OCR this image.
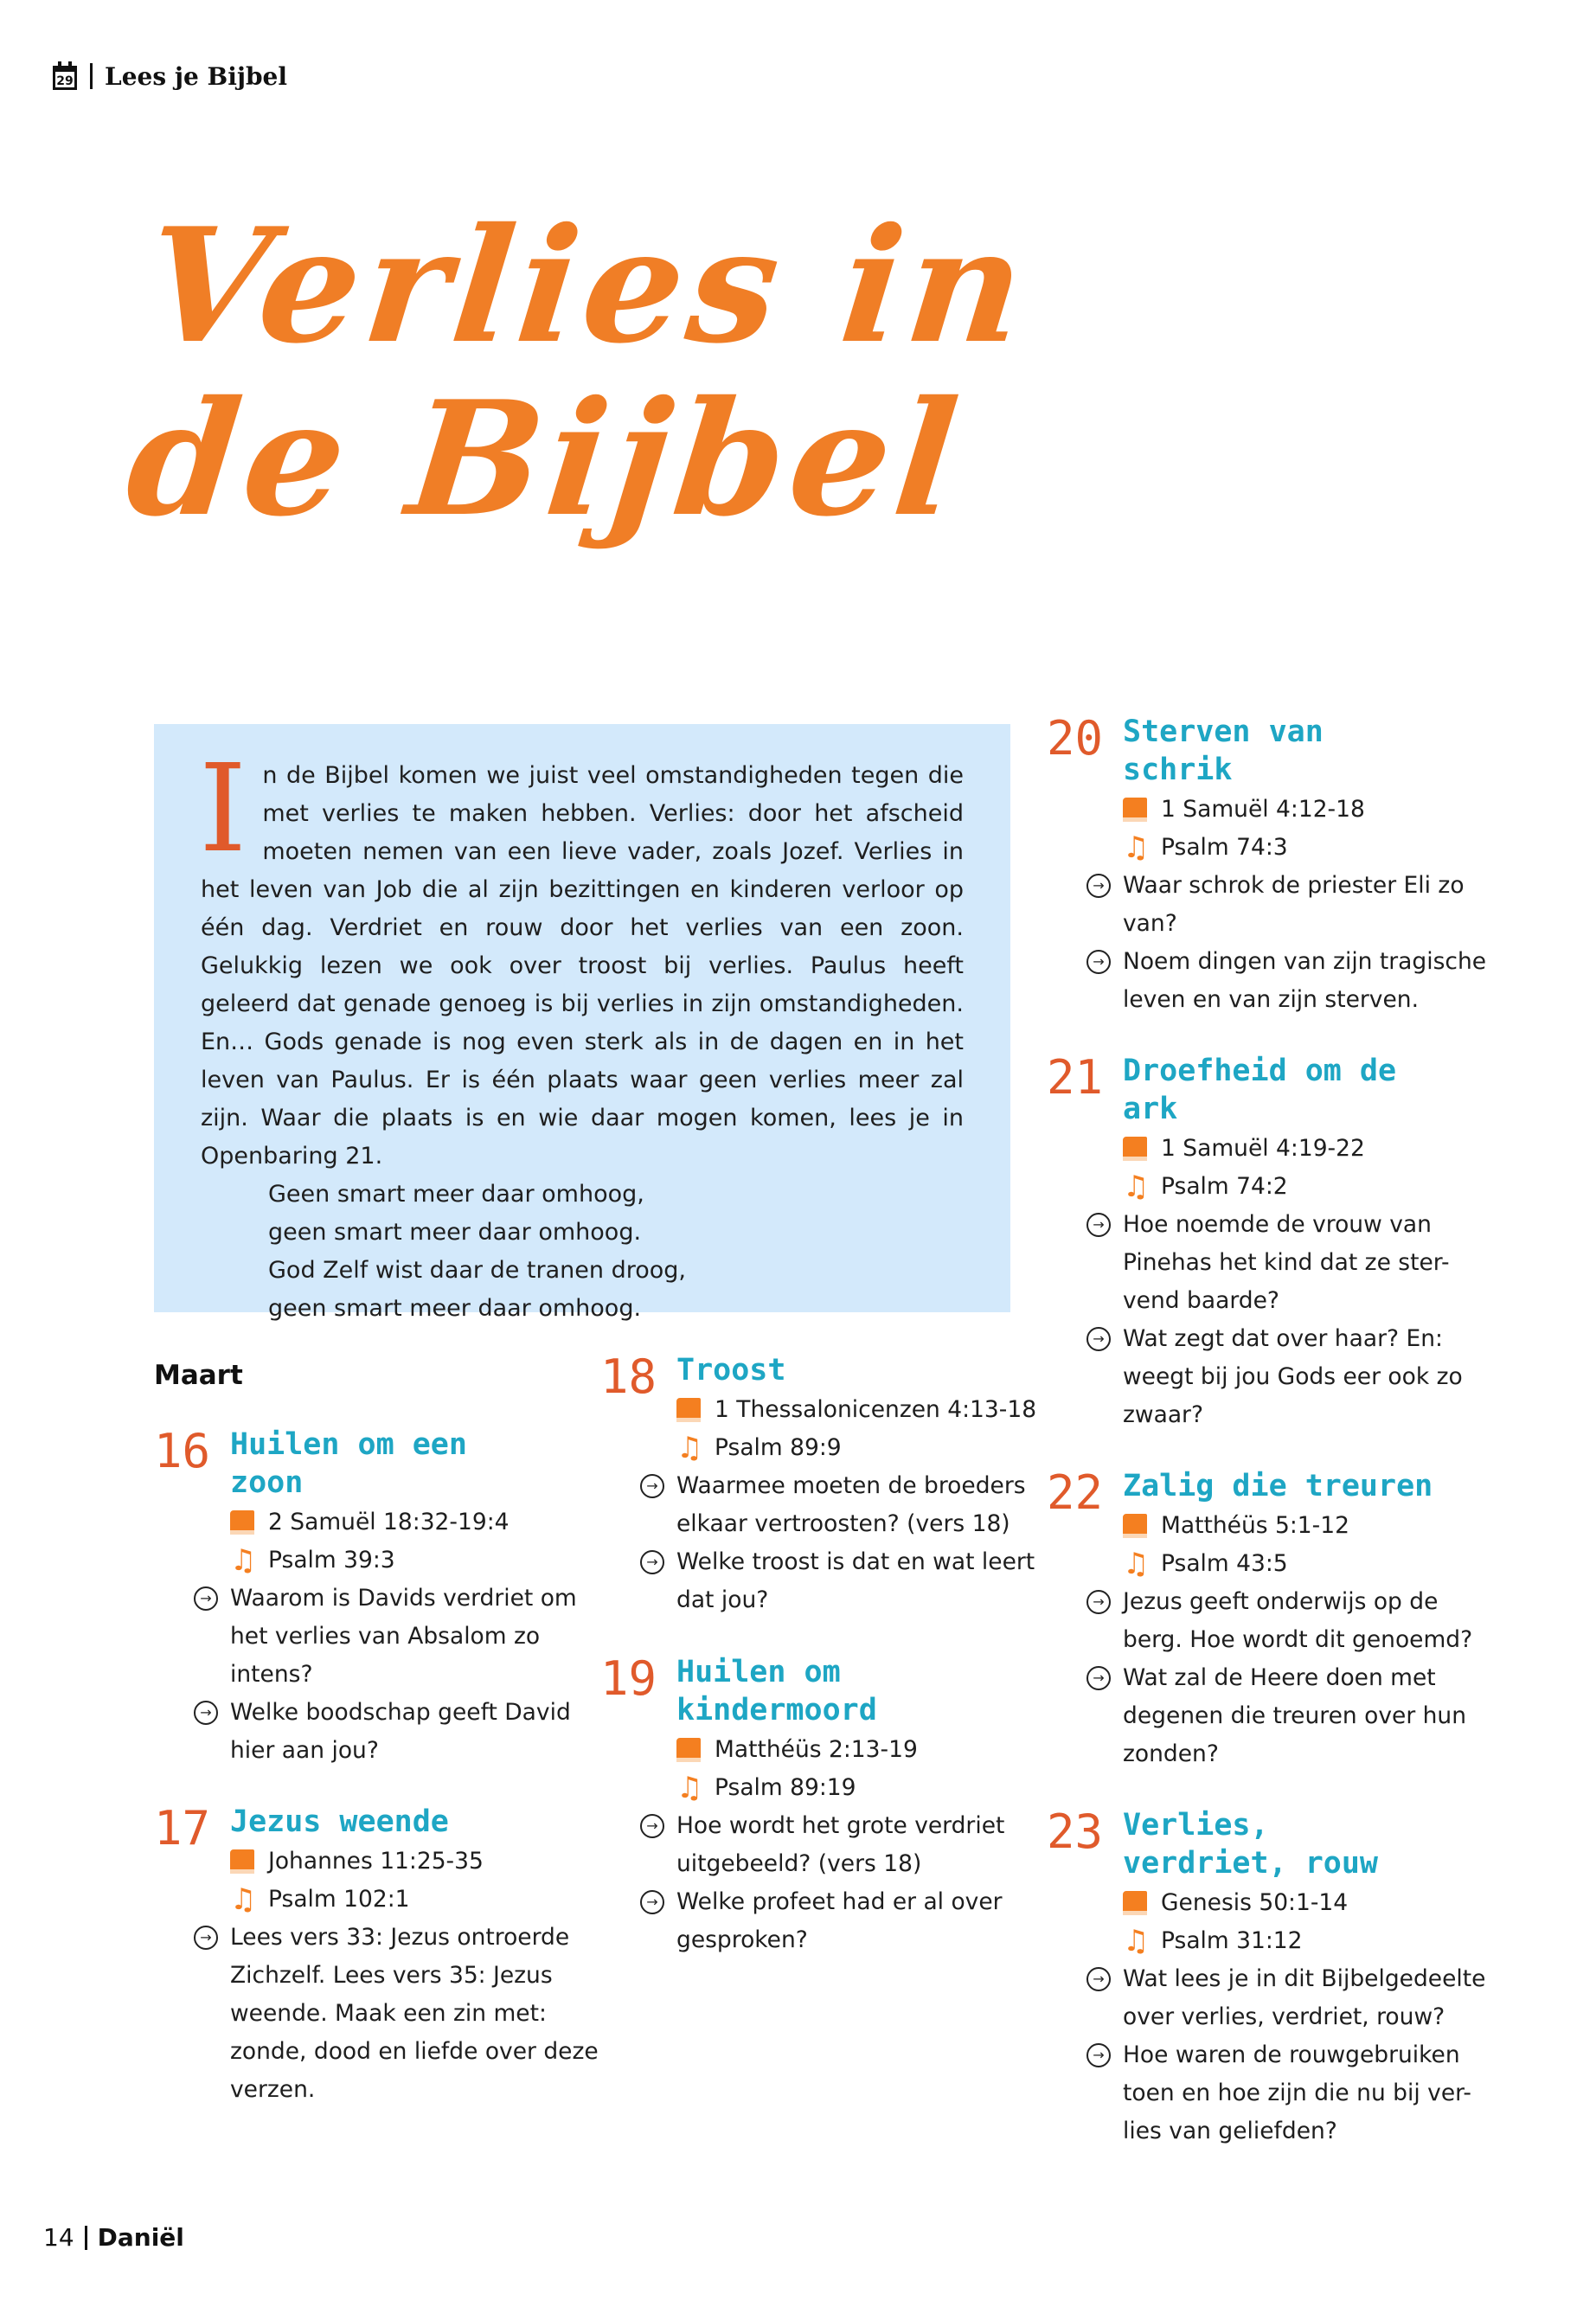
29 Lees je Bijbel
Verlies in
de Bijbel
I n de Bijbel komen we juist veel omstandigheden tegen die met verlies te maken hebben. Verlies: door het afscheid moeten nemen van een lieve vader, zoals Jozef. Verlies in het leven van Job die al zijn bezittingen en kinderen verloor op één dag. Verdriet en rouw door het verlies van een zoon. Gelukkig lezen we ook over troost bij verlies. Paulus heeft geleerd dat genade genoeg is bij verlies in zijn omstandigheden. En… Gods genade is nog even sterk als in de dagen en in het leven van Paulus. Er is één plaats waar geen verlies meer zal zijn. Waar die plaats is en wie daar mogen komen, lees je in Openbaring 21.

Geen smart meer daar omhoog,
geen smart meer daar omhoog.
God Zelf wist daar de tranen droog,
geen smart meer daar omhoog.
Maart
16 Huilen om een
zoon
2 Samuël 18:32-19:4
♫ Psalm 39:3
→ Waarom is Davids verdriet om
het verlies van Absalom zo
intens?
→ Welke boodschap geeft David
hier aan jou?
17 Jezus weende
Johannes 11:25-35
♫ Psalm 102:1
→ Lees vers 33: Jezus ontroerde
Zichzelf. Lees vers 35: Jezus
weende. Maak een zin met:
zonde, dood en liefde over deze
verzen.
18 Troost
1 Thessalonicenzen 4:13-18
♫ Psalm 89:9
→ Waarmee moeten de broeders
elkaar vertroosten? (vers 18)
→ Welke troost is dat en wat leert
dat jou?
19 Huilen om
kindermoord
Matthéüs 2:13-19
♫ Psalm 89:19
→ Hoe wordt het grote verdriet
uitgebeeld? (vers 18)
→ Welke profeet had er al over
gesproken?
20 Sterven van
schrik
1 Samuël 4:12-18
♫ Psalm 74:3
→ Waar schrok de priester Eli zo
van?
→ Noem dingen van zijn tragische
leven en van zijn sterven.
21 Droefheid om de
ark
1 Samuël 4:19-22
♫ Psalm 74:2
→ Hoe noemde de vrouw van
Pinehas het kind dat ze ster-
vend baarde?
→ Wat zegt dat over haar? En:
weegt bij jou Gods eer ook zo
zwaar?
22 Zalig die treuren
Matthéüs 5:1-12
♫ Psalm 43:5
→ Jezus geeft onderwijs op de
berg. Hoe wordt dit genoemd?
→ Wat zal de Heere doen met
degenen die treuren over hun
zonden?
23 Verlies,
verdriet, rouw
Genesis 50:1-14
♫ Psalm 31:12
→ Wat lees je in dit Bijbelgedeelte
over verlies, verdriet, rouw?
→ Hoe waren de rouwgebruiken
toen en hoe zijn die nu bij ver-
lies van geliefden?
14 Daniël
